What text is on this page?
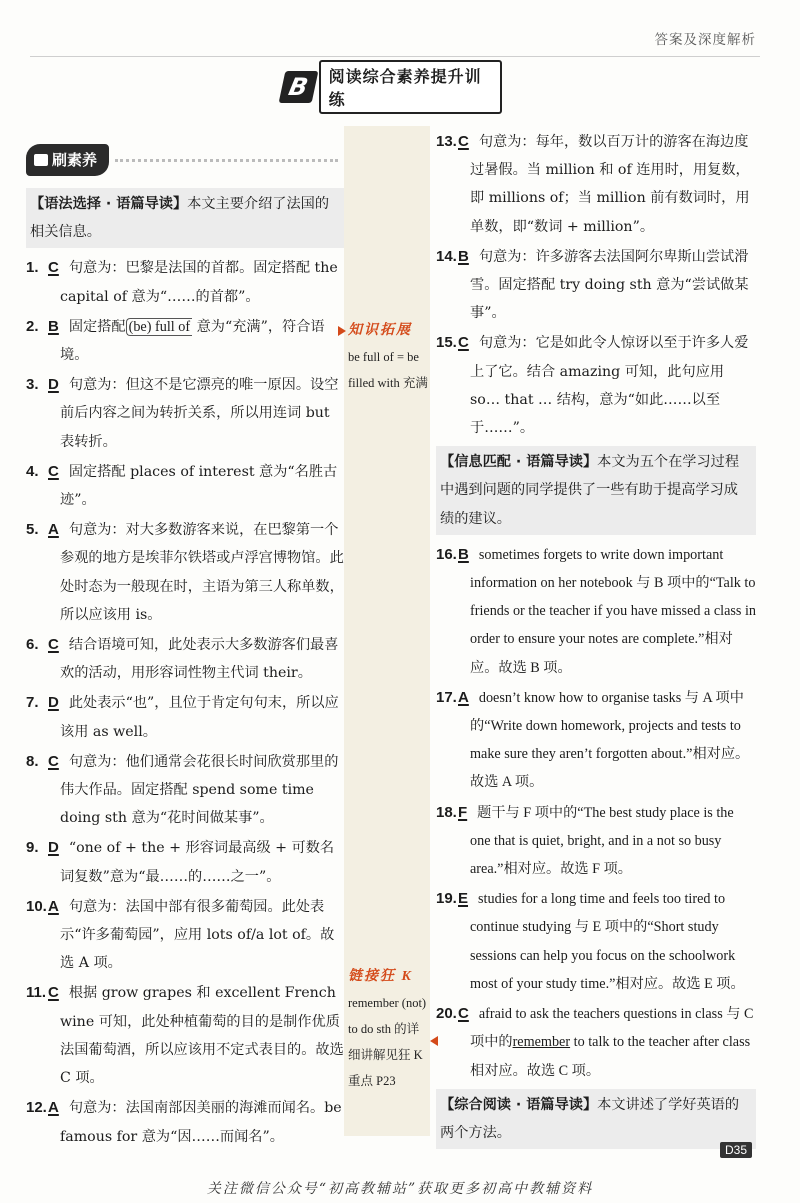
答案及深度解析
B	阅读综合素养提升训练
刷素养
【语法选择 · 语篇导读】本文主要介绍了法国的相关信息。
1. C 句意为：巴黎是法国的首都。固定搭配 the capital of 意为“……的首都”。
2. B 固定搭配 (be) full of 意为“充满”，符合语境。
3. D 句意为：但这不是它漂亮的唯一原因。设空前后内容之间为转折关系，所以用连词 but 表转折。
4. C 固定搭配 places of interest 意为“名胜古迹”。
5. A 句意为：对大多数游客来说，在巴黎第一个参观的地方是埃菲尔铁塔或卢浮宫博物馆。此处时态为一般现在时，主语为第三人称单数，所以应该用 is。
6. C 结合语境可知，此处表示大多数游客们最喜欢的活动，用形容词性物主代词 their。
7. D 此处表示“也”，且位于肯定句句末，所以应该用 as well。
8. C 句意为：他们通常会花很长时间欣赏那里的伟大作品。固定搭配 spend some time doing sth 意为“花时间做某事”。
9. D “one of + the + 形容词最高级 + 可数名词复数”意为“最……的……之一”。
10.A 句意为：法国中部有很多葡萄园。此处表示“许多葡萄园”，应用 lots of/a lot of。故选 A 项。
11. C 根据 grow grapes 和 excellent French wine 可知，此处种植葡萄的目的是制作优质法国葡萄酒，所以应该用不定式表目的。故选 C 项。
12.A 句意为：法国南部因美丽的海滩而闻名。be famous for 意为“因……而闻名”。
知识拓展
be full of = be filled with 充满
链接狂 K
remember (not) to do sth 的详细讲解见狂 K 重点 P23
13.C 句意为：每年，数以百万计的游客在海边度过暑假。当 million 和 of 连用时，用复数，即 millions of；当 million 前有数词时，用单数，即“数词 + million”。
14.B 句意为：许多游客去法国阿尔卑斯山尝试滑雪。固定搭配 try doing sth 意为“尝试做某事”。
15.C 句意为：它是如此令人惊讶以至于许多人爱上了它。结合 amazing 可知，此句应用 so… that … 结构，意为“如此……以至于……”。
【信息匹配 · 语篇导读】本文为五个在学习过程中遇到问题的同学提供了一些有助于提高学习成绩的建议。
16.B sometimes forgets to write down important information on her notebook 与 B 项中的“Talk to friends or the teacher if you have missed a class in order to ensure your notes are complete.”相对应。故选 B 项。
17.A doesn’t know how to organise tasks 与 A 项中的“Write down homework, projects and tests to make sure they aren’t forgotten about.”相对应。故选 A 项。
18.F 题干与 F 项中的“The best study place is the one that is quiet, bright, and in a not so busy area.”相对应。故选 F 项。
19.E studies for a long time and feels too tired to continue studying 与 E 项中的“Short study sessions can help you focus on the schoolwork most of your study time.”相对应。故选 E 项。
20.C afraid to ask the teachers questions in class 与 C 项中的remember to talk to the teacher after class 相对应。故选 C 项。
【综合阅读 · 语篇导读】本文讲述了学好英语的两个方法。
D35
关注微信公众号“初高教辅站”获取更多初高中教辅资料
